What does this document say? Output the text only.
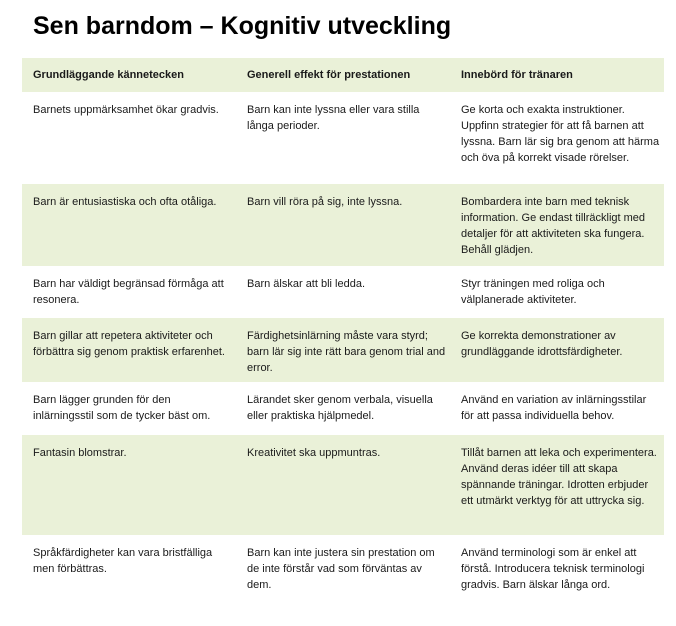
Sen barndom – Kognitiv utveckling
Grundläggande kännetecken	Generell effekt för prestationen	Innebörd för tränaren
Barnets uppmärksamhet ökar gradvis.	Barn kan inte lyssna eller vara stilla långa perioder.	Ge korta och exakta instruktioner. Uppfinn strategier för att få barnen att lyssna. Barn lär sig bra genom att härma och öva på korrekt visade rörelser.
Barn är entusiastiska och ofta otåliga.	Barn vill röra på sig, inte lyssna.	Bombardera inte barn med teknisk information. Ge endast tillräckligt med detaljer för att aktiviteten ska fungera. Behåll glädjen.
Barn har väldigt begränsad förmåga att resonera.	Barn älskar att bli ledda.	Styr träningen med roliga och välplanerade aktiviteter.
Barn gillar att repetera aktiviteter och förbättra sig genom praktisk erfarenhet.	Färdighetsinlärning måste vara styrd; barn lär sig inte rätt bara genom trial and error.	Ge korrekta demonstrationer av grundläggande idrottsfärdigheter.
Barn lägger grunden för den inlärningsstil som de tycker bäst om.	Lärandet sker genom verbala, visuella eller praktiska hjälpmedel.	Använd en variation av inlärningsstilar för att passa individuella behov.
Fantasin blomstrar.	Kreativitet ska uppmuntras.	Tillåt barnen att leka och experimentera. Använd deras idéer till att skapa spännande träningar. Idrotten erbjuder ett utmärkt verktyg för att uttrycka sig.
Språkfärdigheter kan vara bristfälliga men förbättras.	Barn kan inte justera sin prestation om de inte förstår vad som förväntas av dem.	Använd terminologi som är enkel att förstå. Introducera teknisk terminologi gradvis. Barn älskar långa ord.
